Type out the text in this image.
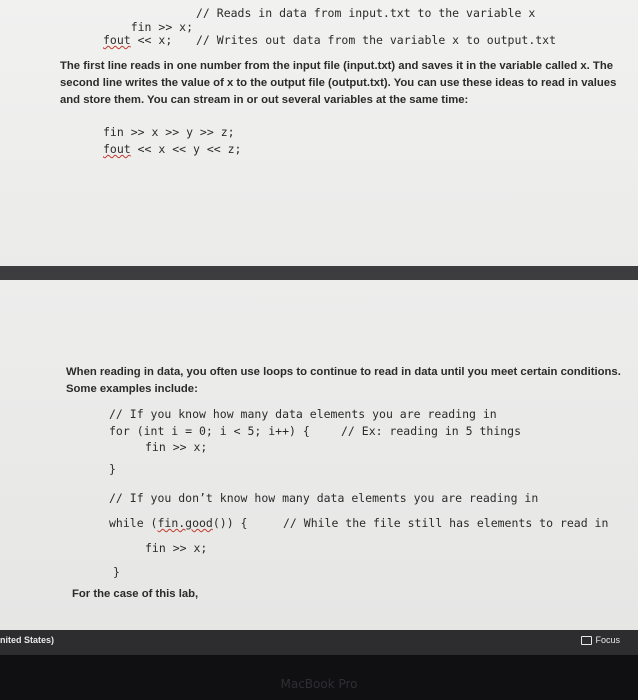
fin >> x;

// Reads in data from input.txt to the variable x
fout << x; // Writes out data from the variable x to output.txt
The first line reads in one number from the input file (input.txt) and saves it in the variable called x. The second line writes the value of x to the output file (output.txt). You can use these ideas to read in values and store them. You can stream in or out several variables at the same time:
fin >> x >> y >> z;
fout << x << y << z;
When reading in data, you often use loops to continue to read in data until you meet certain conditions. Some examples include:
// If you know how many data elements you are reading in
for (int i = 0; i < 5; i++) {	// Ex: reading in 5 things
fin >> x;
}
// If you don’t know how many data elements you are reading in
while (fin.good()) {	// While the file still has elements to read in
fin >> x;
}
For the case of this lab,
nited States)	Focus
MacBook Pro
